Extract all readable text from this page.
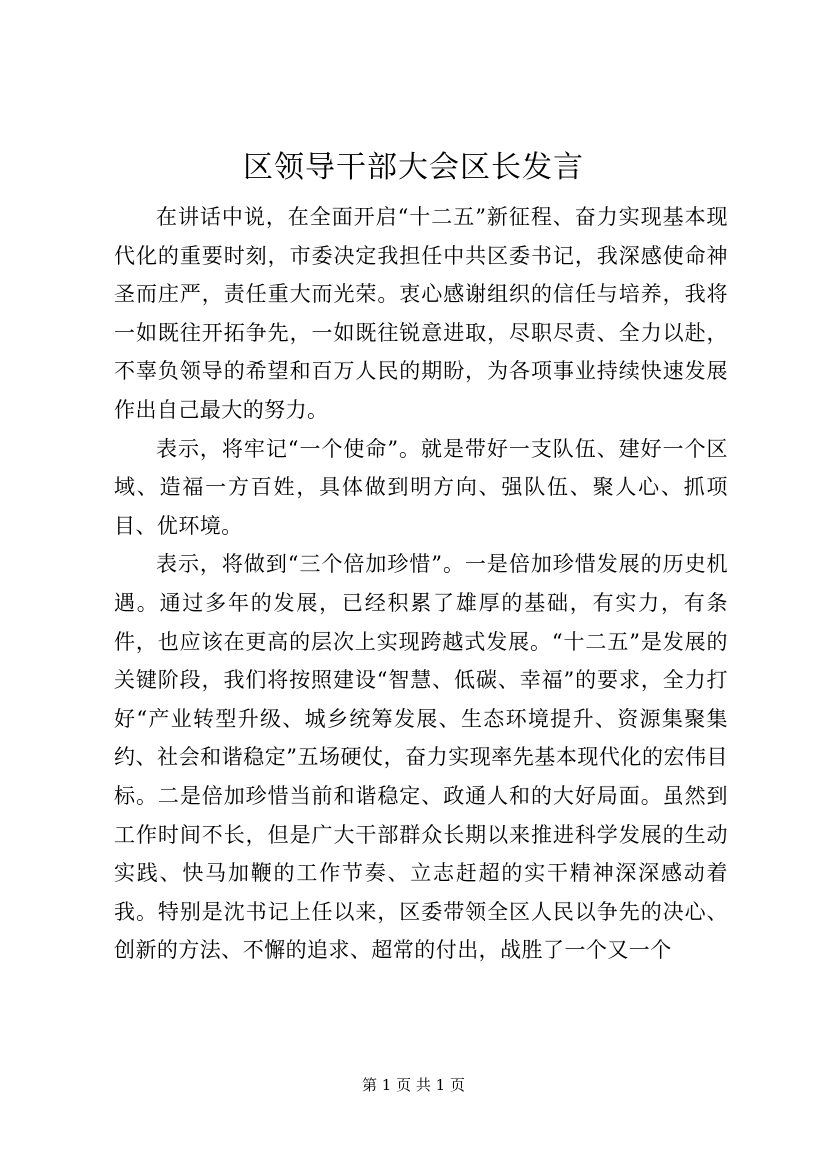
区领导干部大会区长发言

在讲话中说，在全面开启“十二五”新征程、奋力实现基本现代化的重要时刻，市委决定我担任中共区委书记，我深感使命神圣而庄严，责任重大而光荣。衷心感谢组织的信任与培养，我将一如既往开拓争先，一如既往锐意进取，尽职尽责、全力以赴，不辜负领导的希望和百万人民的期盼，为各项事业持续快速发展作出自己最大的努力。

表示，将牢记“一个使命”。就是带好一支队伍、建好一个区域、造福一方百姓，具体做到明方向、强队伍、聚人心、抓项目、优环境。

表示，将做到“三个倍加珍惜”。一是倍加珍惜发展的历史机遇。通过多年的发展，已经积累了雄厚的基础，有实力，有条件，也应该在更高的层次上实现跨越式发展。“十二五”是发展的关键阶段，我们将按照建设“智慧、低碳、幸福”的要求，全力打好“产业转型升级、城乡统筹发展、生态环境提升、资源集聚集约、社会和谐稳定”五场硬仗，奋力实现率先基本现代化的宏伟目标。二是倍加珍惜当前和谐稳定、政通人和的大好局面。虽然到工作时间不长，但是广大干部群众长期以来推进科学发展的生动实践、快马加鞭的工作节奏、立志赶超的实干精神深深感动着我。特别是沈书记上任以来，区委带领全区人民以争先的决心、创新的方法、不懈的追求、超常的付出，战胜了一个又一个

第 1 页 共 1 页
